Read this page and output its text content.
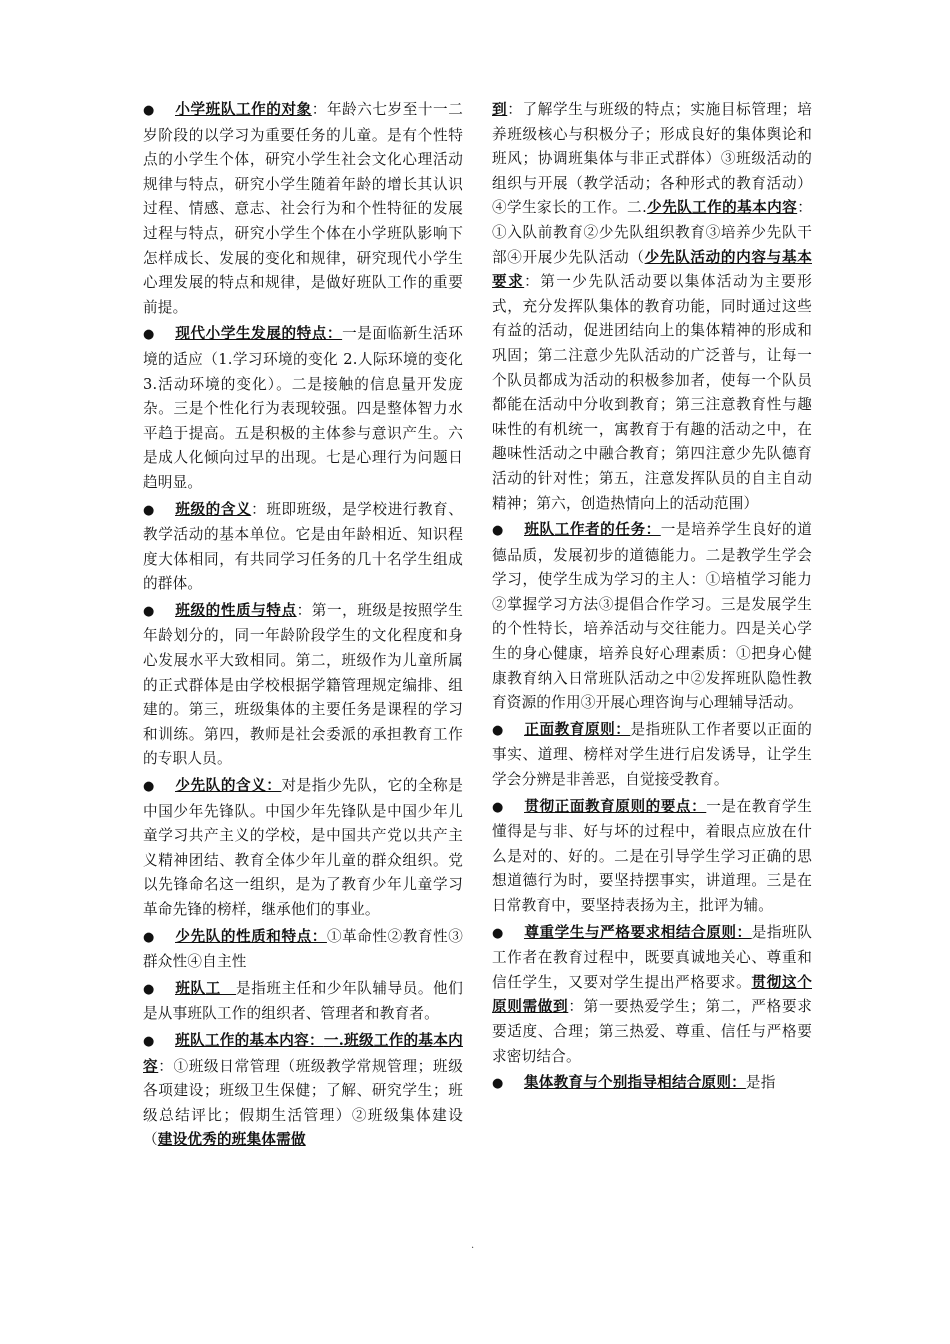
● 小学班队工作的对象：年龄六七岁至十一二岁阶段的以学习为重要任务的儿童。是有个性特点的小学生个体，研究小学生社会文化心理活动规律与特点，研究小学生随着年龄的增长其认识过程、情感、意志、社会行为和个性特征的发展过程与特点，研究小学生个体在小学班队影响下怎样成长、发展的变化和规律，研究现代小学生心理发展的特点和规律，是做好班队工作的重要前提。

● 现代小学生发展的特点：一是面临新生活环境的适应（1.学习环境的变化 2.人际环境的变化 3.活动环境的变化）。二是接触的信息量开发庞杂。三是个性化行为表现较强。四是整体智力水平趋于提高。五是积极的主体参与意识产生。六是成人化倾向过早的出现。七是心理行为问题日趋明显。

● 班级的含义：班即班级，是学校进行教育、教学活动的基本单位。它是由年龄相近、知识程度大体相同，有共同学习任务的几十名学生组成的群体。

● 班级的性质与特点：第一，班级是按照学生年龄划分的，同一年龄阶段学生的文化程度和身心发展水平大致相同。第二，班级作为儿童所属的正式群体是由学校根据学籍管理规定编排、组建的。第三，班级集体的主要任务是课程的学习和训练。第四，教师是社会委派的承担教育工作的专职人员。

● 少先队的含义：对是指少先队，它的全称是中国少年先锋队。中国少年先锋队是中国少年儿童学习共产主义的学校，是中国共产党以共产主义精神团结、教育全体少年儿童的群众组织。党以先锋命名这一组织，是为了教育少年儿童学习革命先锋的榜样，继承他们的事业。

● 少先队的性质和特点：①革命性②教育性③群众性④自主性

● 班队工　是指班主任和少年队辅导员。他们是从事班队工作的组织者、管理者和教育者。

● 班队工作的基本内容：一.班级工作的基本内容：①班级日常管理（班级教学常规管理；班级各项建设；班级卫生保健；了解、研究学生；班级总结评比；假期生活管理）②班级集体建设（建设优秀的班集体需做

到：了解学生与班级的特点；实施目标管理；培养班级核心与积极分子；形成良好的集体舆论和班风；协调班集体与非正式群体）③班级活动的组织与开展（教学活动；各种形式的教育活动）④学生家长的工作。二.少先队工作的基本内容：①入队前教育②少先队组织教育③培养少先队干部④开展少先队活动（少先队活动的内容与基本要求：第一少先队活动要以集体活动为主要形式，充分发挥队集体的教育功能，同时通过这些有益的活动，促进团结向上的集体精神的形成和巩固；第二注意少先队活动的广泛普与，让每一个队员都成为活动的积极参加者，使每一个队员都能在活动中分收到教育；第三注意教育性与趣味性的有机统一，寓教育于有趣的活动之中，在趣味性活动之中融合教育；第四注意少先队德育活动的针对性；第五，注意发挥队员的自主自动精神；第六，创造热情向上的活动范围）

● 班队工作者的任务：一是培养学生良好的道德品质，发展初步的道德能力。二是教学生学会学习，使学生成为学习的主人：①培植学习能力②掌握学习方法③提倡合作学习。三是发展学生的个性特长，培养活动与交往能力。四是关心学生的身心健康，培养良好心理素质：①把身心健康教育纳入日常班队活动之中②发挥班队隐性教育资源的作用③开展心理咨询与心理辅导活动。

● 正面教育原则：是指班队工作者要以正面的事实、道理、榜样对学生进行启发诱导，让学生学会分辨是非善恶，自觉接受教育。

● 贯彻正面教育原则的要点：一是在教育学生懂得是与非、好与坏的过程中，着眼点应放在什么是对的、好的。二是在引导学生学习正确的思想道德行为时，要坚持摆事实，讲道理。三是在日常教育中，要坚持表扬为主，批评为辅。

● 尊重学生与严格要求相结合原则：是指班队工作者在教育过程中，既要真诚地关心、尊重和信任学生，又要对学生提出严格要求。贯彻这个原则需做到：第一要热爱学生；第二，严格要求要适度、合理；第三热爱、尊重、信任与严格要求密切结合。

● 集体教育与个别指导相结合原则：是指

.
